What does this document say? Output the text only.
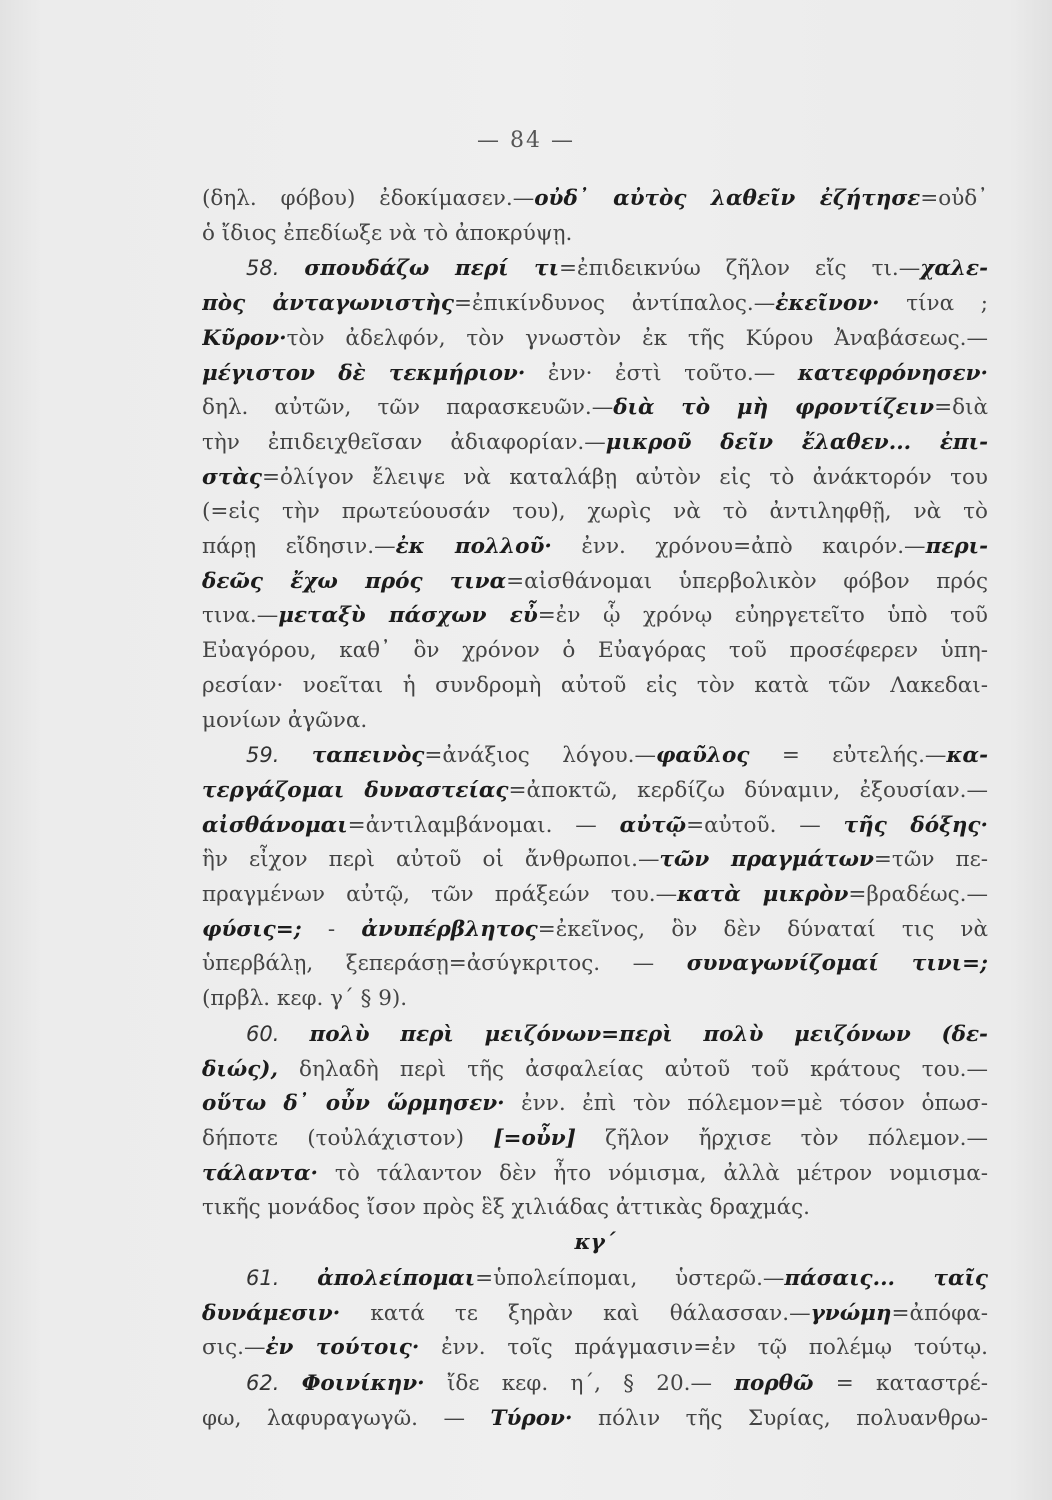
— 84 —
(δηλ. φόβου) ἐδοκίμασεν.—οὐδ᾽ αὐτὸς λαθεῖν ἐζήτησε=οὐδ᾽
ὁ ἴδιος ἐπεδίωξε νὰ τὸ ἀποκρύψῃ.
58. σπουδάζω περί τι=ἐπιδεικνύω ζῆλον εἴς τι.—χαλε-
πὸς ἀνταγωνιστὴς=ἐπικίνδυνος ἀντίπαλος.—ἐκεῖνον· τίνα ;
Κῦρον·τὸν ἀδελφόν, τὸν γνωστὸν ἐκ τῆς Κύρου Ἀναβάσεως.—
μέγιστον δὲ τεκμήριον· ἐνν· ἐστὶ τοῦτο.— κατεφρόνησεν·
δηλ. αὐτῶν, τῶν παρασκευῶν.—διὰ τὸ μὴ φροντίζειν=διὰ
τὴν ἐπιδειχθεῖσαν ἀδιαφορίαν.—μικροῦ δεῖν ἔλαθεν... ἐπι-
στὰς=ὀλίγον ἔλειψε νὰ καταλάβῃ αὐτὸν εἰς τὸ ἀνάκτορόν του
(=εἰς τὴν πρωτεύουσάν του), χωρὶς νὰ τὸ ἀντιληφθῇ, νὰ τὸ
πάρῃ εἴδησιν.—ἐκ πολλοῦ· ἐνν. χρόνου=ἀπὸ καιρόν.—περι-
δεῶς ἔχω πρός τινα=αἰσθάνομαι ὑπερβολικὸν φόβον πρός
τινα.—μεταξὺ πάσχων εὖ=ἐν ᾧ χρόνῳ εὐηργετεῖτο ὑπὸ τοῦ
Εὐαγόρου, καθ᾽ ὃν χρόνον ὁ Εὐαγόρας τοῦ προσέφερεν ὑπη-
ρεσίαν· νοεῖται ἡ συνδρομὴ αὐτοῦ εἰς τὸν κατὰ τῶν Λακεδαι-
μονίων ἀγῶνα.
59. ταπεινὸς=ἀνάξιος λόγου.—φαῦλος = εὐτελής.—κα-
τεργάζομαι δυναστείας=ἀποκτῶ, κερδίζω δύναμιν, ἐξουσίαν.—
αἰσθάνομαι=ἀντιλαμβάνομαι. — αὐτῷ=αὐτοῦ. — τῆς δόξης·
ἣν εἶχον περὶ αὐτοῦ οἱ ἄνθρωποι.—τῶν πραγμάτων=τῶν πε-
πραγμένων αὐτῷ, τῶν πράξεών του.—κατὰ μικρὸν=βραδέως.—
φύσις=; - ἀνυπέρβλητος=ἐκεῖνος, ὃν δὲν δύναταί τις νὰ
ὑπερβάλῃ, ξεπεράσῃ=ἀσύγκριτος. — συναγωνίζομαί τινι=;
(πρβλ. κεφ. γ´ § 9).
60. πολὺ περὶ μειζόνων=περὶ πολὺ μειζόνων (δε-
διώς), δηλαδὴ περὶ τῆς ἀσφαλείας αὐτοῦ τοῦ κράτους του.—
οὕτω δ᾽ οὖν ὥρμησεν· ἐνν. ἐπὶ τὸν πόλεμον=μὲ τόσον ὁπωσ-
δήποτε (τοὐλάχιστον) [=οὖν] ζῆλον ἤρχισε τὸν πόλεμον.—
τάλαντα· τὸ τάλαντον δὲν ἦτο νόμισμα, ἀλλὰ μέτρον νομισμα-
τικῆς μονάδος ἴσον πρὸς ἓξ χιλιάδας ἀττικὰς δραχμάς.
κγ´
61. ἀπολείπομαι=ὑπολείπομαι, ὑστερῶ.—πάσαις... ταῖς
δυνάμεσιν· κατά τε ξηρὰν καὶ θάλασσαν.—γνώμη=ἀπόφα-
σις.—ἐν τούτοις· ἐνν. τοῖς πράγμασιν=ἐν τῷ πολέμῳ τούτῳ.
62. Φοινίκην· ἴδε κεφ. η´, § 20.— πορθῶ = καταστρέ-
φω, λαφυραγωγῶ. — Τύρον· πόλιν τῆς Συρίας, πολυανθρω-
